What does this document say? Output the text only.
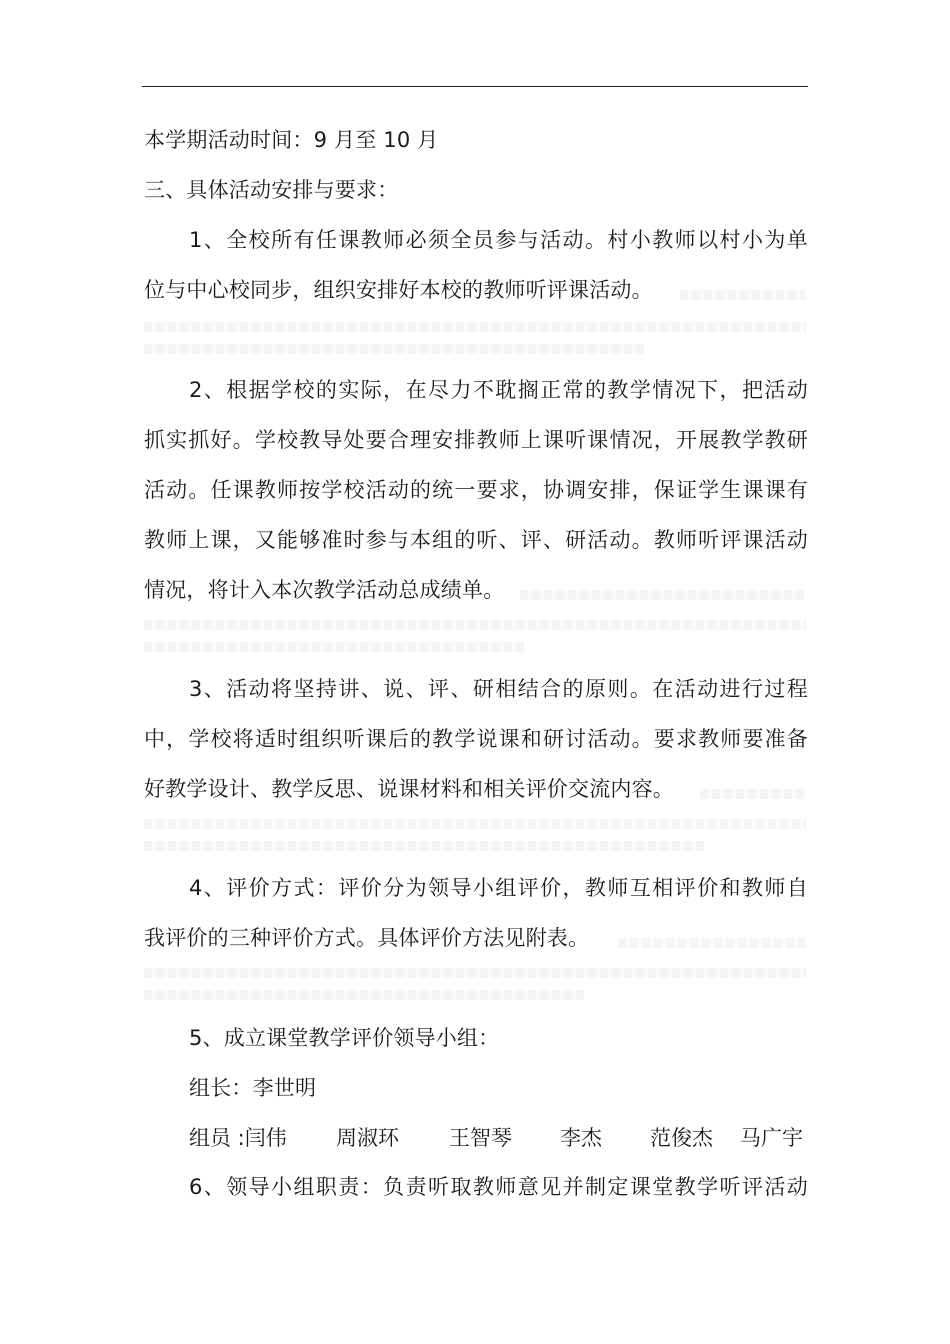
本学期活动时间：9 月至 10 月
三、具体活动安排与要求：
1、全校所有任课教师必须全员参与活动。村小教师以村小为单
位与中心校同步，组织安排好本校的教师听评课活动。
2、根据学校的实际，在尽力不耽搁正常的教学情况下，把活动
抓实抓好。学校教导处要合理安排教师上课听课情况，开展教学教研
活动。任课教师按学校活动的统一要求，协调安排，保证学生课课有
教师上课，又能够准时参与本组的听、评、研活动。教师听评课活动
情况，将计入本次教学活动总成绩单。
3、活动将坚持讲、说、评、研相结合的原则。在活动进行过程
中，学校将适时组织听课后的教学说课和研讨活动。要求教师要准备
好教学设计、教学反思、说课材料和相关评价交流内容。
4、评价方式：评价分为领导小组评价，教师互相评价和教师自
我评价的三种评价方式。具体评价方法见附表。
5、成立课堂教学评价领导小组：
组长：李世明
组员 :闫伟 周淑环 王智琴 李杰 范俊杰 马广宇
6、领导小组职责：负责听取教师意见并制定课堂教学听评活动
